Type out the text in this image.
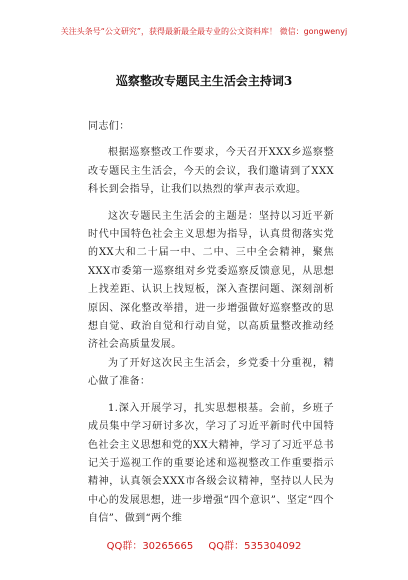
关注头条号“公文研究”，获得最新最全最专业的公文资料库！ 微信：gongwenyj
巡察整改专题民主生活会主持词3

同志们：

根据巡察整改工作要求，今天召开XXX乡巡察整改专题民主生活会，今天的会议，我们邀请到了XXX科长到会指导，让我们以热烈的掌声表示欢迎。

这次专题民主生活会的主题是：坚持以习近平新时代中国特色社会主义思想为指导，认真贯彻落实党的XX大和二十届一中、二中、三中全会精神，聚焦XXX市委第一巡察组对乡党委巡察反馈意见，从思想上找差距、认识上找短板，深入查摆问题、深刻剖析原因、深化整改举措，进一步增强做好巡察整改的思想自觉、政治自觉和行动自觉，以高质量整改推动经济社会高质量发展。

为了开好这次民主生活会，乡党委十分重视，精心做了准备：

1.深入开展学习，扎实思想根基。会前，乡班子成员集中学习研讨多次，学习了习近平新时代中国特色社会主义思想和党的XX大精神，学习了习近平总书记关于巡视工作的重要论述和巡视整改工作重要指示精神，认真领会XXX市各级会议精神，坚持以人民为中心的发展思想，进一步增强“四个意识”、坚定“四个自信”、做到“两个维

QQ群：30265665 QQ群：535304092
